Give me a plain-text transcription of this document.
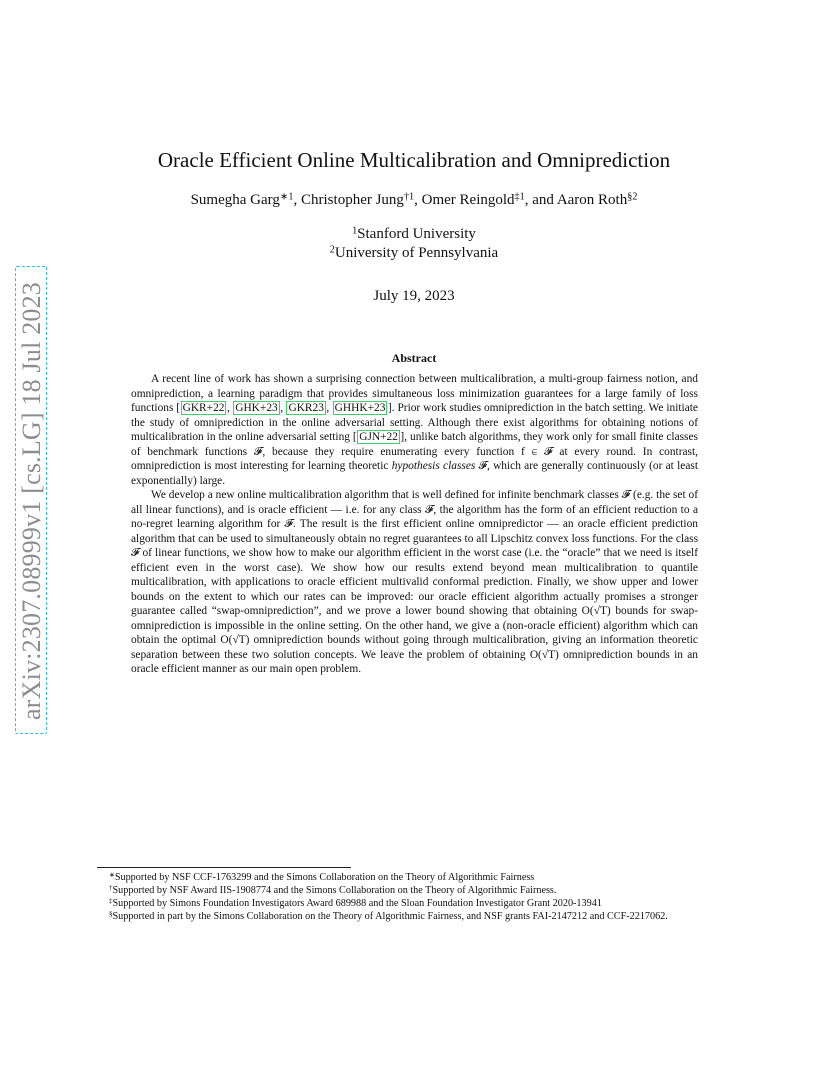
arXiv:2307.08999v1 [cs.LG] 18 Jul 2023
Oracle Efficient Online Multicalibration and Omniprediction
Sumegha Garg$^{∗1}$, Christopher Jung$^{\dagger 1}$, Omer Reingold$^{\ddagger 1}$, and Aaron Roth$^{\S 2}$
$^1$Stanford University
$^2$University of Pennsylvania
July 19, 2023
Abstract

A recent line of work has shown a surprising connection between multicalibration, a multi-group fairness notion, and omniprediction, a learning paradigm that provides simultaneous loss minimization guarantees for a large family of loss functions [ GKR+22 , GHK+23 , GKR23 , GHHK+23 ]. Prior work studies omniprediction in the batch setting. We initiate the study of omniprediction in the online adversarial setting. Although there exist algorithms for obtaining notions of multicalibration in the online adversarial setting [ GJN+22 ], unlike batch algorithms, they work only for small finite classes of benchmark functions 𝓕, because they require enumerating every function f ∈ 𝓕 at every round. In contrast, omniprediction is most interesting for learning theoretic hypothesis classes 𝓕, which are generally continuously (or at least exponentially) large.

We develop a new online multicalibration algorithm that is well defined for infinite benchmark classes 𝓕 (e.g. the set of all linear functions), and is oracle efficient — i.e. for any class 𝓕, the algorithm has the form of an efficient reduction to a no-regret learning algorithm for 𝓕. The result is the first efficient online omnipredictor — an oracle efficient prediction algorithm that can be used to simultaneously obtain no regret guarantees to all Lipschitz convex loss functions. For the class 𝓕 of linear functions, we show how to make our algorithm efficient in the worst case (i.e. the “oracle” that we need is itself efficient even in the worst case). We show how our results extend beyond mean multicalibration to quantile multicalibration, with applications to oracle efficient multivalid conformal prediction. Finally, we show upper and lower bounds on the extent to which our rates can be improved: our oracle efficient algorithm actually promises a stronger guarantee called “swap-omniprediction”, and we prove a lower bound showing that obtaining O(√T) bounds for swap-omniprediction is impossible in the online setting. On the other hand, we give a (non-oracle efficient) algorithm which can obtain the optimal O(√T) omniprediction bounds without going through multicalibration, giving an information theoretic separation between these two solution concepts. We leave the problem of obtaining O(√T) omniprediction bounds in an oracle efficient manner as our main open problem.

∗Supported by NSF CCF-1763299 and the Simons Collaboration on the Theory of Algorithmic Fairness
†Supported by NSF Award IIS-1908774 and the Simons Collaboration on the Theory of Algorithmic Fairness.
‡Supported by Simons Foundation Investigators Award 689988 and the Sloan Foundation Investigator Grant 2020-13941
§Supported in part by the Simons Collaboration on the Theory of Algorithmic Fairness, and NSF grants FAI-2147212 and CCF-2217062.
